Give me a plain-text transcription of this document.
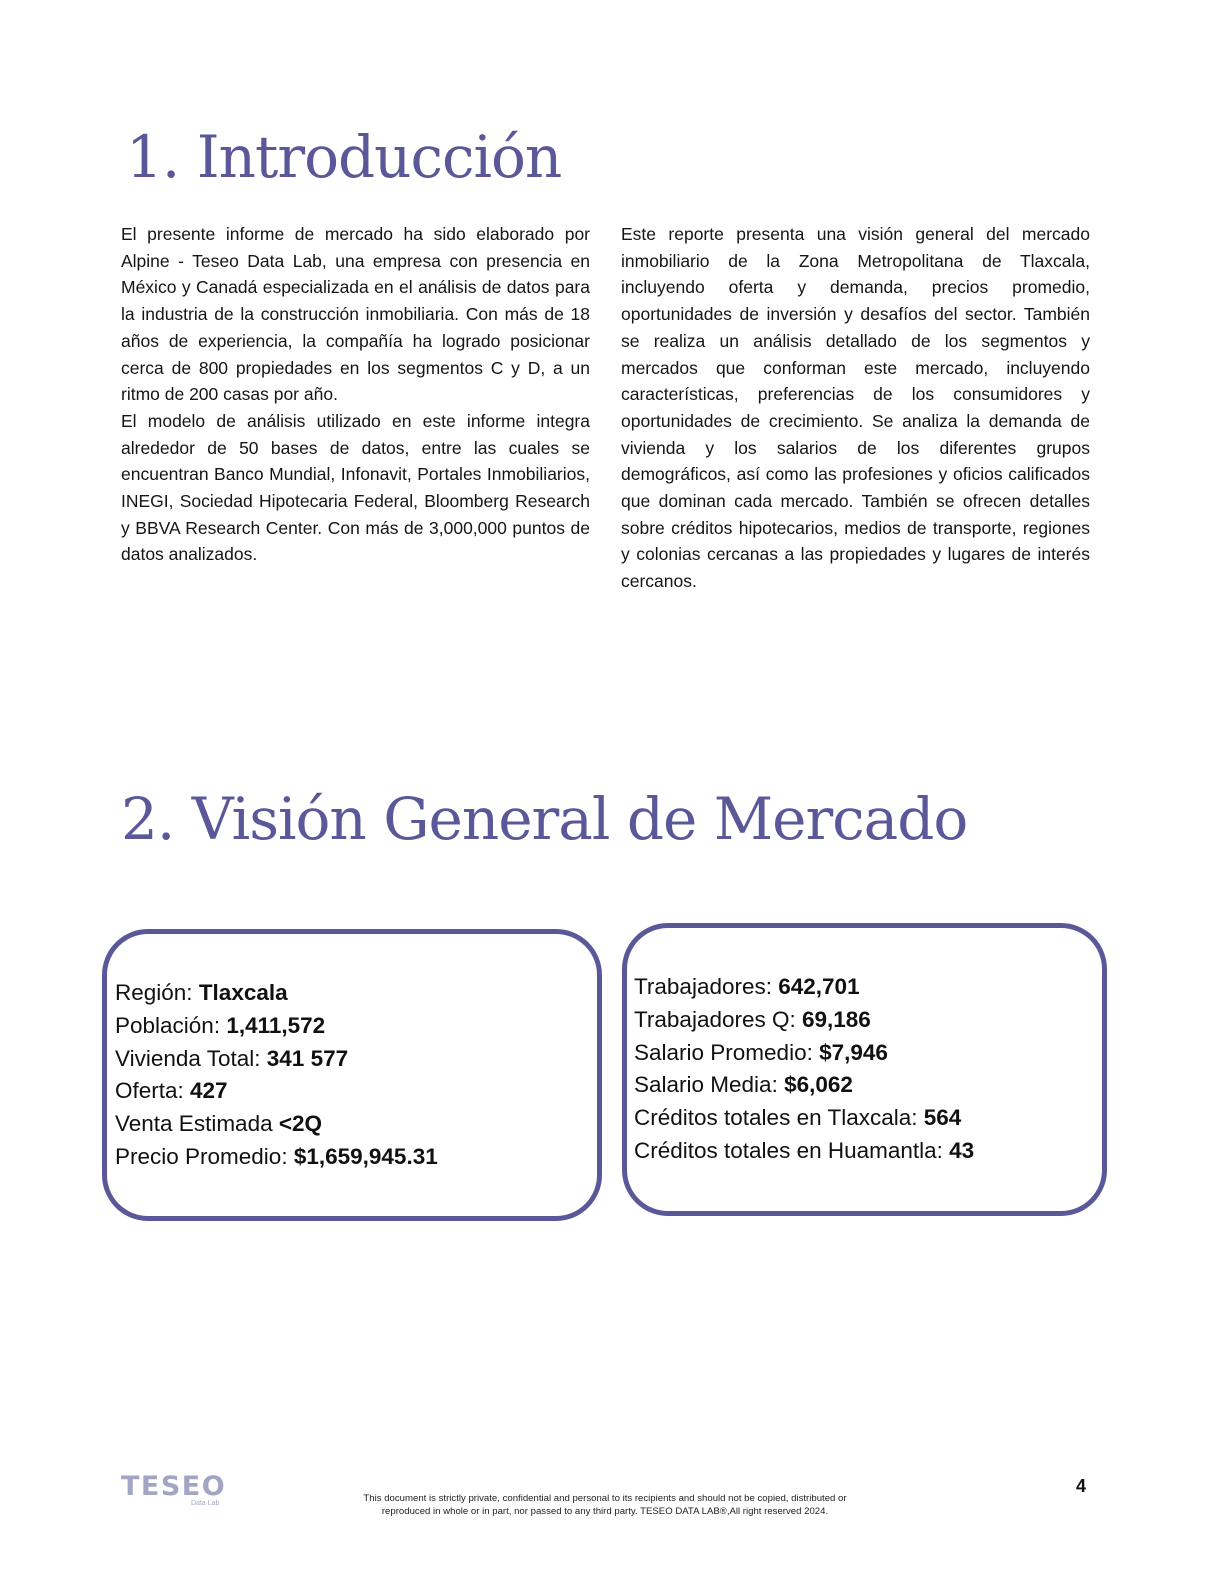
1. Introducción

El presente informe de mercado ha sido elaborado por Alpine - Teseo Data Lab, una empresa con presencia en México y Canadá especializada en el análisis de datos para la industria de la construcción inmobiliaria. Con más de 18 años de experiencia, la compañía ha logrado posicionar cerca de 800 propiedades en los segmentos C y D, a un ritmo de 200 casas por año.

El modelo de análisis utilizado en este informe integra alrededor de 50 bases de datos, entre las cuales se encuentran Banco Mundial, Infonavit, Portales Inmobiliarios, INEGI, Sociedad Hipotecaria Federal, Bloomberg Research y BBVA Research Center. Con más de 3,000,000 puntos de datos analizados.

Este reporte presenta una visión general del mercado inmobiliario de la Zona Metropolitana de Tlaxcala, incluyendo oferta y demanda, precios promedio, oportunidades de inversión y desafíos del sector. También se realiza un análisis detallado de los segmentos y mercados que conforman este mercado, incluyendo características, preferencias de los consumidores y oportunidades de crecimiento. Se analiza la demanda de vivienda y los salarios de los diferentes grupos demográficos, así como las profesiones y oficios calificados que dominan cada mercado. También se ofrecen detalles sobre créditos hipotecarios, medios de transporte, regiones y colonias cercanas a las propiedades y lugares de interés cercanos.

2. Visión General de Mercado
Región: Tlaxcala
Población: 1,411,572
Vivienda Total: 341 577
Oferta: 427
Venta Estimada <2Q
Precio Promedio: $1,659,945.31
Trabajadores: 642,701
Trabajadores Q: 69,186
Salario Promedio: $7,946
Salario Media: $6,062
Créditos totales en Tlaxcala: 564
Créditos totales en Huamantla: 43
TESEO
Data Lab	This document is strictly private, confidential and personal to its recipients and should not be copied, distributed or

reproduced in whole or in part, nor passed to any third party. TESEO DATA LAB®,All right reserved 2024.

4
